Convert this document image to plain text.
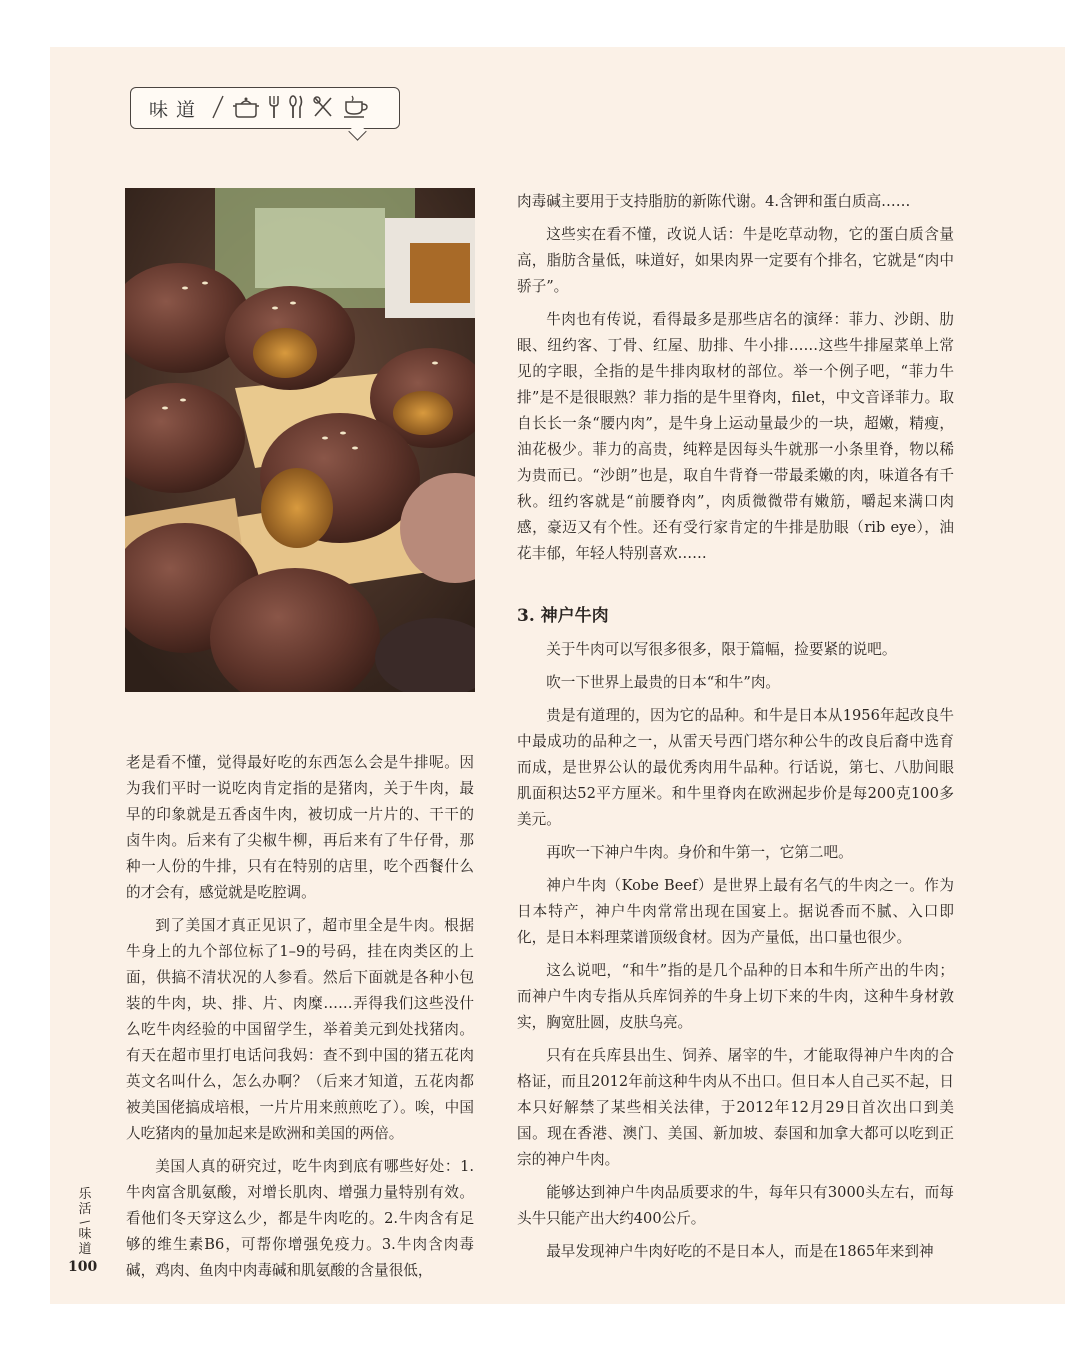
味道

老是看不懂，觉得最好吃的东西怎么会是牛排呢。因为我们平时一说吃肉肯定指的是猪肉，关于牛肉，最早的印象就是五香卤牛肉，被切成一片片的、干干的卤牛肉。后来有了尖椒牛柳，再后来有了牛仔骨，那种一人份的牛排，只有在特别的店里，吃个西餐什么的才会有，感觉就是吃腔调。

到了美国才真正见识了，超市里全是牛肉。根据牛身上的九个部位标了1–9的号码，挂在肉类区的上面，供搞不清状况的人参看。然后下面就是各种小包装的牛肉，块、排、片、肉糜……弄得我们这些没什么吃牛肉经验的中国留学生，举着美元到处找猪肉。有天在超市里打电话问我妈：查不到中国的猪五花肉英文名叫什么，怎么办啊？（后来才知道，五花肉都被美国佬搞成培根，一片片用来煎煎吃了）。唉，中国人吃猪肉的量加起来是欧洲和美国的两倍。

美国人真的研究过，吃牛肉到底有哪些好处：1.牛肉富含肌氨酸，对增长肌肉、增强力量特别有效。看他们冬天穿这么少，都是牛肉吃的。2.牛肉含有足够的维生素B6，可帮你增强免疫力。3.牛肉含肉毒碱，鸡肉、鱼肉中肉毒碱和肌氨酸的含量很低，

肉毒碱主要用于支持脂肪的新陈代谢。4.含钾和蛋白质高……

这些实在看不懂，改说人话：牛是吃草动物，它的蛋白质含量高，脂肪含量低，味道好，如果肉界一定要有个排名，它就是“肉中骄子”。

牛肉也有传说，看得最多是那些店名的演绎：菲力、沙朗、肋眼、纽约客、丁骨、红屋、肋排、牛小排……这些牛排屋菜单上常见的字眼，全指的是牛排肉取材的部位。举一个例子吧，“菲力牛排”是不是很眼熟？菲力指的是牛里脊肉，filet，中文音译菲力。取自长长一条“腰内肉”，是牛身上运动量最少的一块，超嫩，精瘦，油花极少。菲力的高贵，纯粹是因每头牛就那一小条里脊，物以稀为贵而已。“沙朗”也是，取自牛背脊一带最柔嫩的肉，味道各有千秋。纽约客就是“前腰脊肉”，肉质微微带有嫩筋，嚼起来满口肉感，豪迈又有个性。还有受行家肯定的牛排是肋眼（rib eye），油花丰郁，年轻人特别喜欢……

3. 神户牛肉

关于牛肉可以写很多很多，限于篇幅，捡要紧的说吧。

吹一下世界上最贵的日本“和牛”肉。

贵是有道理的，因为它的品种。和牛是日本从1956年起改良牛中最成功的品种之一，从雷天号西门塔尔种公牛的改良后裔中选育而成，是世界公认的最优秀肉用牛品种。行话说，第七、八肋间眼肌面积达52平方厘米。和牛里脊肉在欧洲起步价是每200克100多美元。

再吹一下神户牛肉。身价和牛第一，它第二吧。

神户牛肉（Kobe Beef）是世界上最有名气的牛肉之一。作为日本特产，神户牛肉常常出现在国宴上。据说香而不腻、入口即化，是日本料理菜谱顶级食材。因为产量低，出口量也很少。

这么说吧，“和牛”指的是几个品种的日本和牛所产出的牛肉；而神户牛肉专指从兵库饲养的牛身上切下来的牛肉，这种牛身材敦实，胸宽肚圆，皮肤乌亮。

只有在兵库县出生、饲养、屠宰的牛，才能取得神户牛肉的合格证，而且2012年前这种牛肉从不出口。但日本人自己买不起，日本只好解禁了某些相关法律，于2012年12月29日首次出口到美国。现在香港、澳门、美国、新加坡、泰国和加拿大都可以吃到正宗的神户牛肉。

能够达到神户牛肉品质要求的牛，每年只有3000头左右，而每头牛只能产出大约400公斤。

最早发现神户牛肉好吃的不是日本人，而是在1865年来到神

乐活
/
味道
100
